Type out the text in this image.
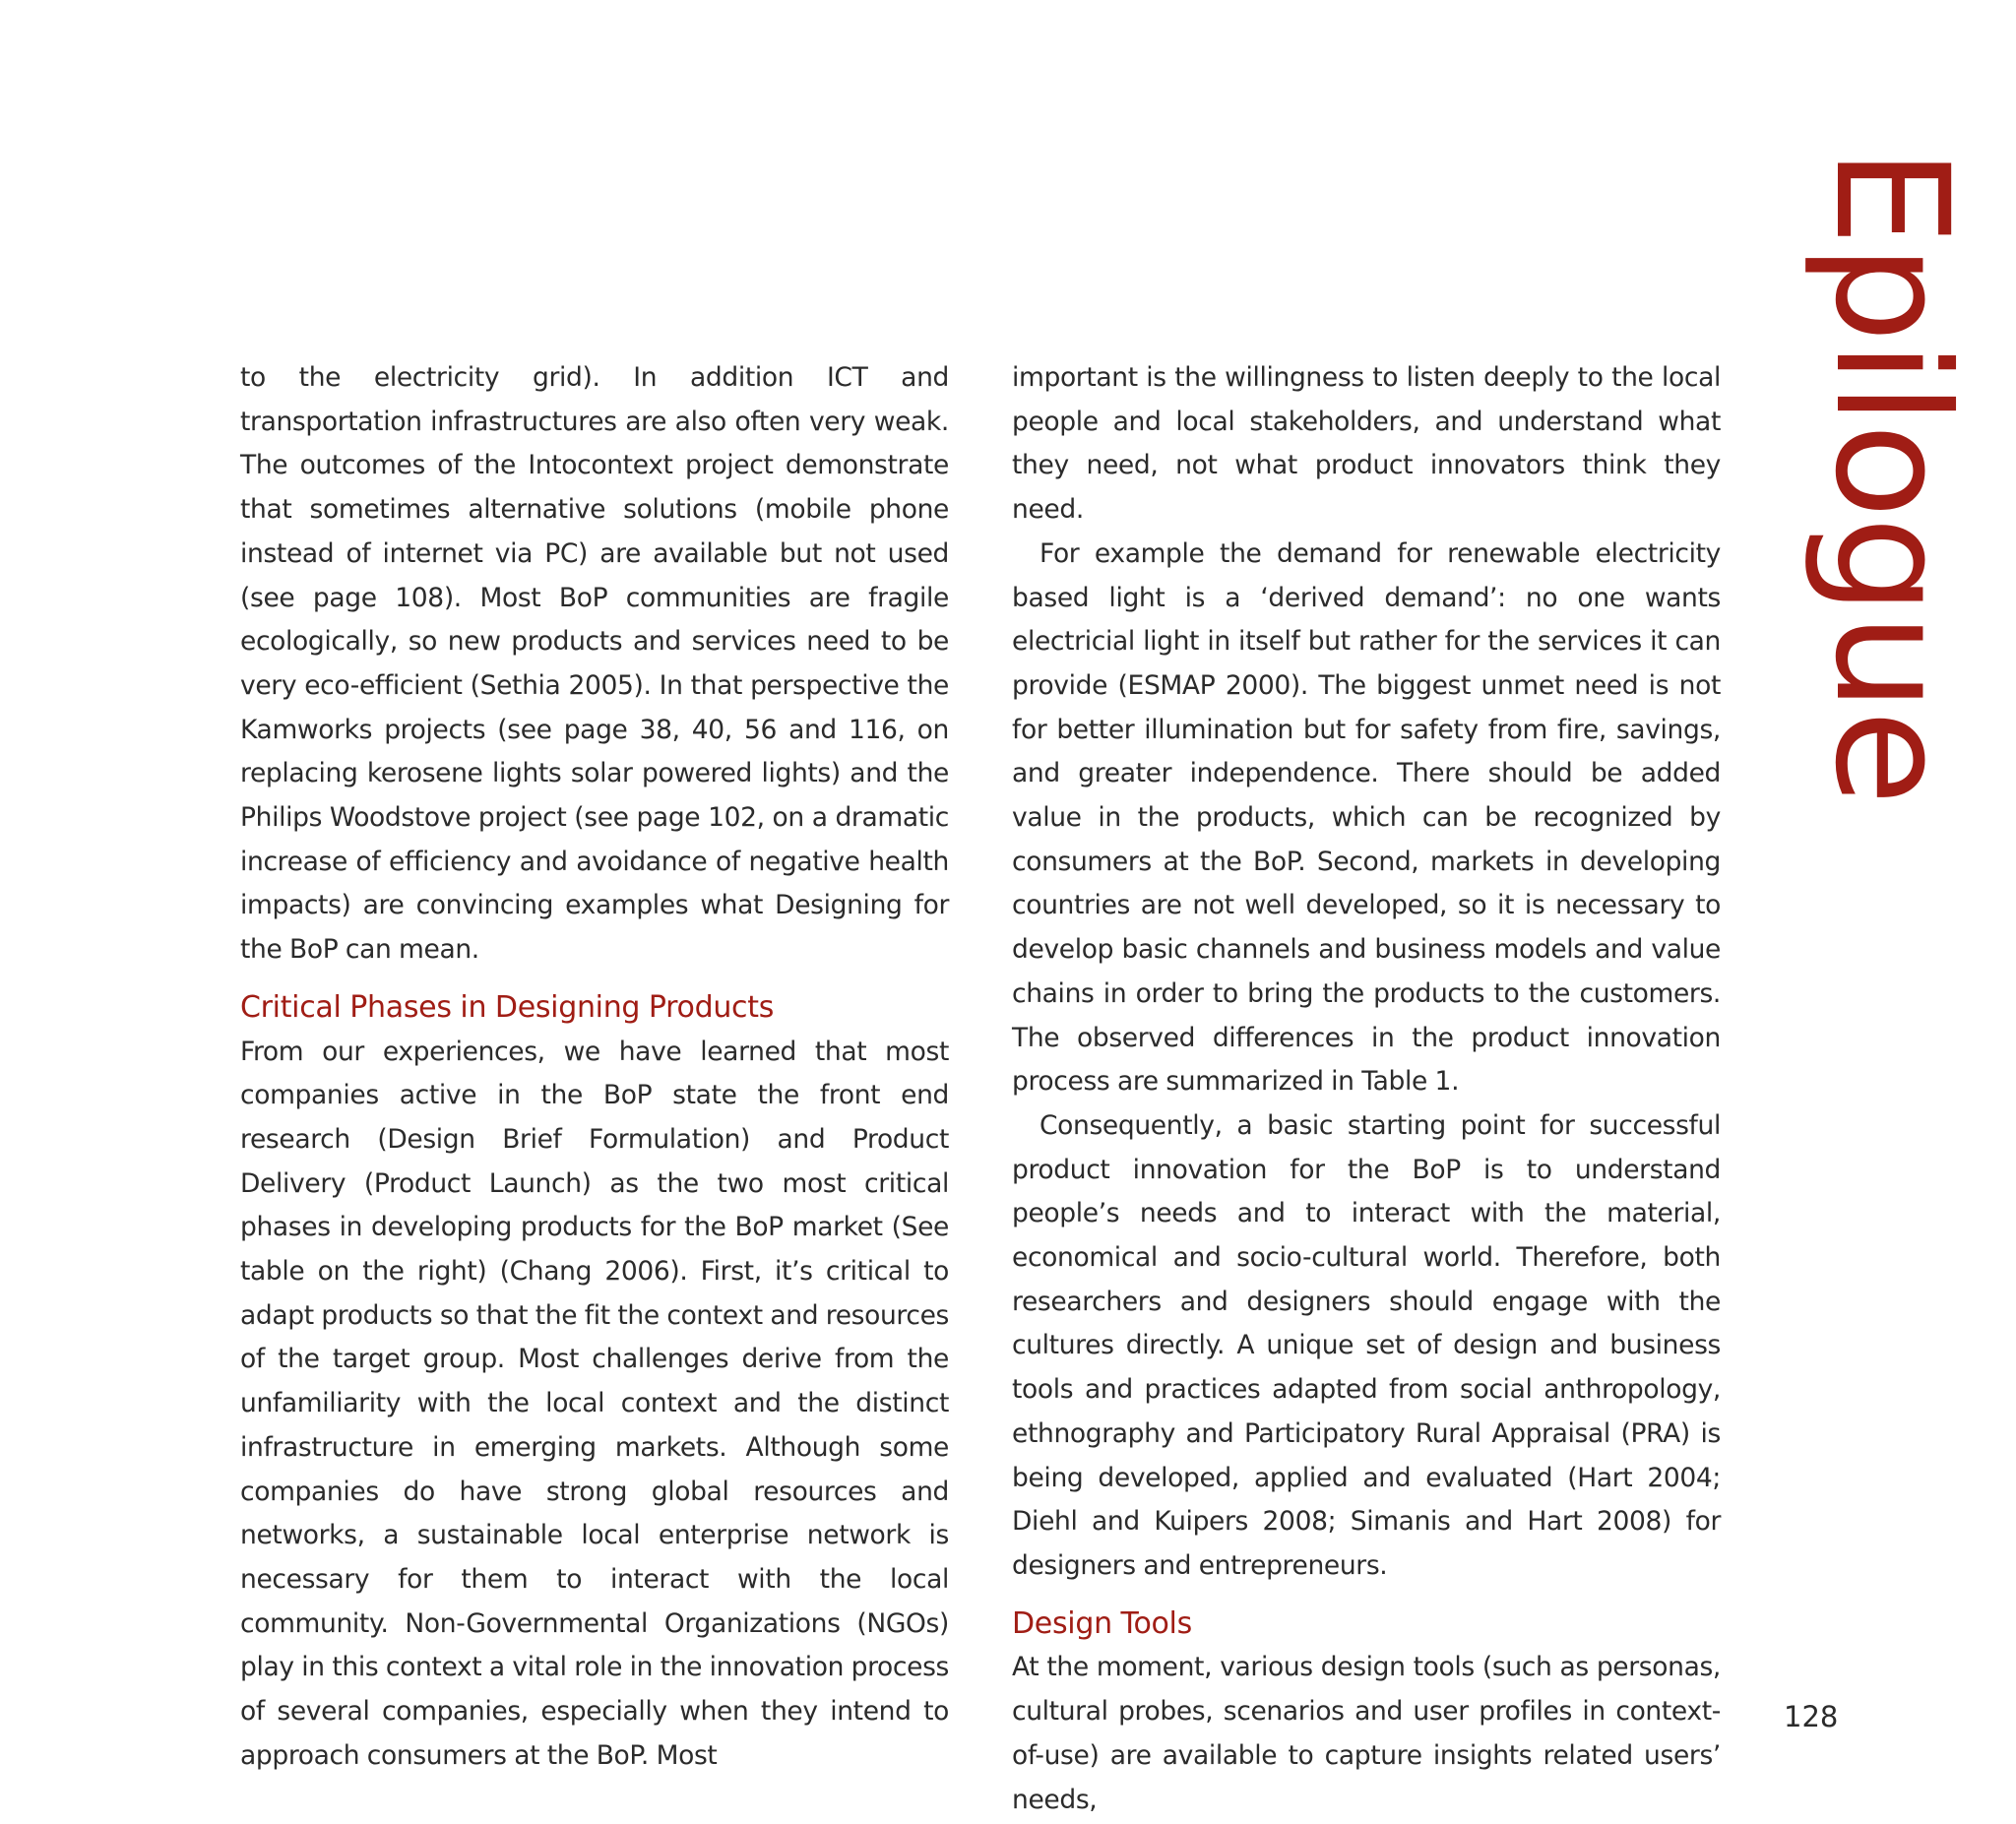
Epilogue

to the electricity grid). In addition ICT and transportation infrastructures are also often very weak. The outcomes of the Intocontext project demonstrate that sometimes alternative solutions (mobile phone instead of internet via PC) are available but not used (see page 108). Most BoP communities are fragile ecologically, so new products and services need to be very eco-efficient (Sethia 2005). In that perspective the Kamworks projects (see page 38, 40, 56 and 116, on replacing kerosene lights solar powered lights) and the Philips Woodstove project (see page 102, on a dramatic increase of efficiency and avoidance of negative health impacts) are convincing examples what Designing for the BoP can mean.

Critical Phases in Designing Products

From our experiences, we have learned that most companies active in the BoP state the front end research (Design Brief Formulation) and Product Delivery (Product Launch) as the two most critical phases in developing products for the BoP market (See table on the right) (Chang 2006). First, it’s critical to adapt products so that the fit the context and resources of the target group. Most challenges derive from the unfamiliarity with the local context and the distinct infrastructure in emerging markets. Although some companies do have strong global resources and networks, a sustainable local enterprise network is necessary for them to interact with the local community. Non-Governmental Organizations (NGOs) play in this context a vital role in the innovation process of several companies, especially when they intend to approach consumers at the BoP. Most

important is the willingness to listen deeply to the local people and local stakeholders, and understand what they need, not what product innovators think they need.

For example the demand for renewable electricity based light is a ‘derived demand’: no one wants electricial light in itself but rather for the services it can provide (ESMAP 2000). The biggest unmet need is not for better illumination but for safety from fire, savings, and greater independence. There should be added value in the products, which can be recognized by consumers at the BoP. Second, markets in developing countries are not well developed, so it is necessary to develop basic channels and business models and value chains in order to bring the products to the customers. The observed differences in the product innovation process are summarized in Table 1.

Consequently, a basic starting point for successful product innovation for the BoP is to understand people’s needs and to interact with the material, economical and socio-cultural world. Therefore, both researchers and designers should engage with the cultures directly. A unique set of design and business tools and practices adapted from social anthropology, ethnography and Participatory Rural Appraisal (PRA) is being developed, applied and evaluated (Hart 2004; Diehl and Kuipers 2008; Simanis and Hart 2008) for designers and entrepreneurs.

Design Tools

At the moment, various design tools (such as personas, cultural probes, scenarios and user profiles in context-of-use) are available to capture insights related users’ needs,

128
